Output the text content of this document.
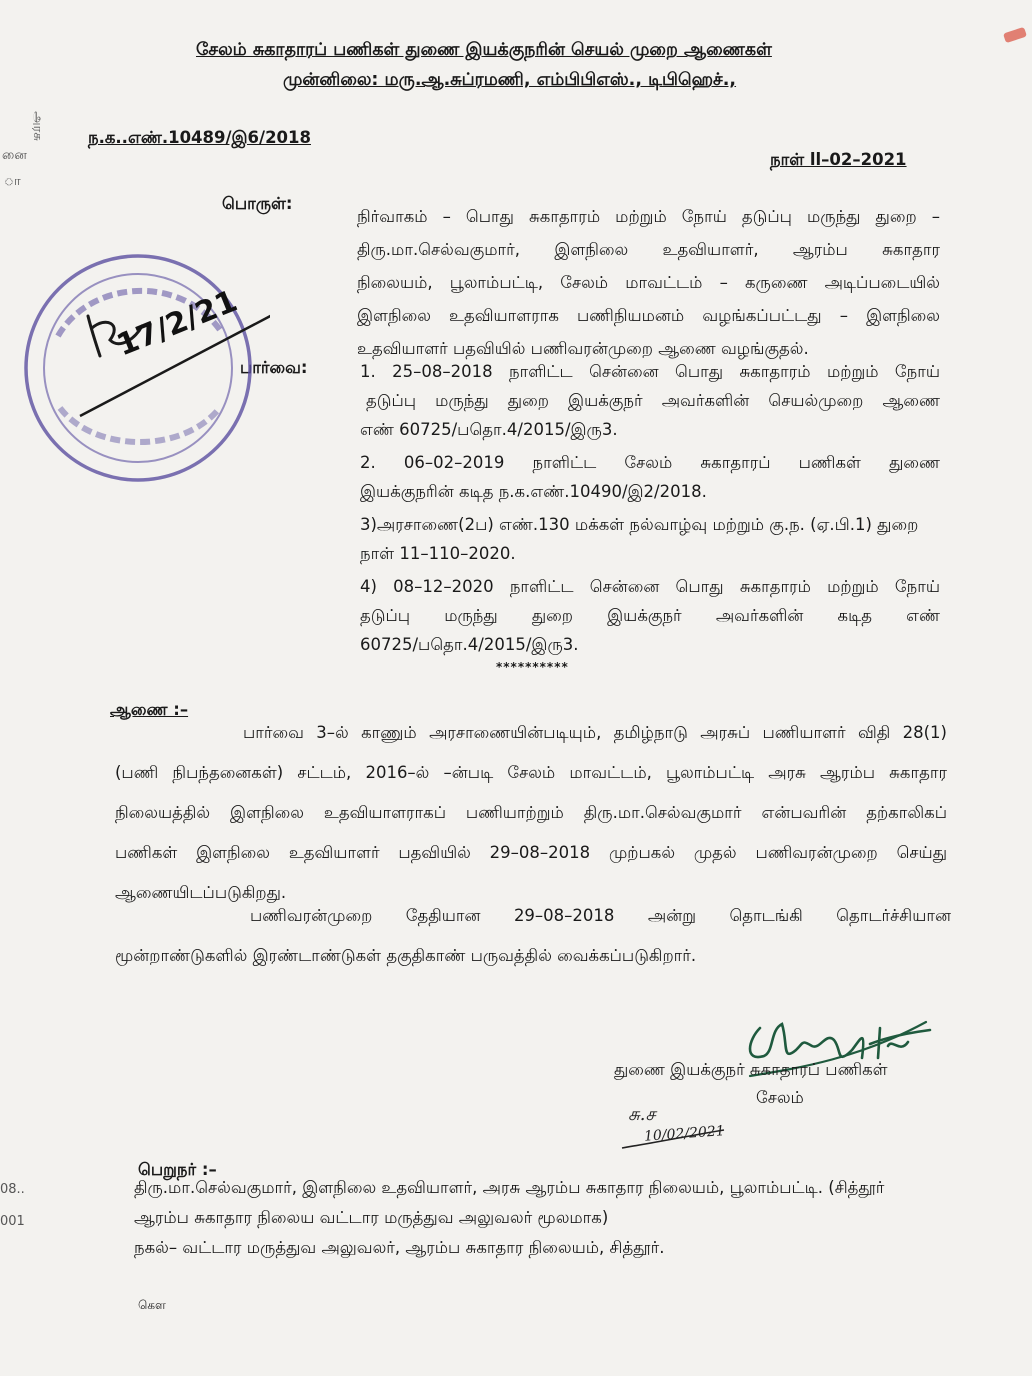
அரசு
னை
ா
08..
001
சேலம் சுகாதாரப் பணிகள் துணை இயக்குநரின் செயல் முறை ஆணைகள்
முன்னிலை: மரு.ஆ.சுப்ரமணி, எம்பிபிஎஸ்., டிபிஹெச்.,
ந.க..எண்.10489/இ6/2018
நாள் ll–02–2021
பொருள்:
நிர்வாகம் – பொது சுகாதாரம் மற்றும் நோய் தடுப்பு மருந்து துறை –
திரு.மா.செல்வகுமார், இளநிலை உதவியாளர், ஆரம்ப சுகாதார
நிலையம், பூலாம்பட்டி, சேலம் மாவட்டம் – கருணை அடிப்படையில்
இளநிலை உதவியாளராக பணிநியமனம் வழங்கப்பட்டது – இளநிலை
உதவியாளர் பதவியில் பணிவரன்முறை ஆணை வழங்குதல்.
பார்வை:	1. 25–08–2018 நாளிட்ட சென்னை பொது சுகாதாரம் மற்றும் நோய்
தடுப்பு மருந்து துறை இயக்குநர் அவர்களின் செயல்முறை ஆணை
எண் 60725/பதொ.4/2015/இரு3.
2. 06–02–2019 நாளிட்ட சேலம் சுகாதாரப் பணிகள் துணை
இயக்குநரின் கடித ந.க.எண்.10490/இ2/2018.
3)அரசாணை(2ப) எண்.130 மக்கள் நல்வாழ்வு மற்றும் கு.ந. (ஏ.பி.1) துறை
நாள் 11–110–2020.
4) 08–12–2020 நாளிட்ட சென்னை பொது சுகாதாரம் மற்றும் நோய்
தடுப்பு மருந்து துறை இயக்குநர் அவர்களின் கடித எண்
60725/பதொ.4/2015/இரு3.
**********
ஆணை :–
பார்வை 3–ல் காணும் அரசாணையின்படியும், தமிழ்நாடு அரசுப் பணியாளர் விதி 28(1)
(பணி நிபந்தனைகள்) சட்டம், 2016–ல் –ன்படி சேலம் மாவட்டம், பூலாம்பட்டி அரசு ஆரம்ப சுகாதார
நிலையத்தில் இளநிலை உதவியாளராகப் பணியாற்றும் திரு.மா.செல்வகுமார் என்பவரின் தற்காலிகப்
பணிகள் இளநிலை உதவியாளர் பதவியில் 29–08–2018 முற்பகல் முதல் பணிவரன்முறை செய்து
ஆணையிடப்படுகிறது.
பணிவரன்முறை தேதியான 29–08–2018 அன்று தொடங்கி தொடர்ச்சியான
மூன்றாண்டுகளில் இரண்டாண்டுகள் தகுதிகாண் பருவத்தில் வைக்கப்படுகிறார்.
துணை இயக்குநர் சுகாதாரப் பணிகள்
சேலம்
சு.ச
10/02/2021
பெறுநர் :–
திரு.மா.செல்வகுமார், இளநிலை உதவியாளர், அரசு ஆரம்ப சுகாதார நிலையம், பூலாம்பட்டி. (சித்தூர்
ஆரம்ப சுகாதார நிலைய வட்டார மருத்துவ அலுவலர் மூலமாக)
நகல்– வட்டார மருத்துவ அலுவலர், ஆரம்ப சுகாதார நிலையம், சித்தூர்.
கௌ
17/2/21
